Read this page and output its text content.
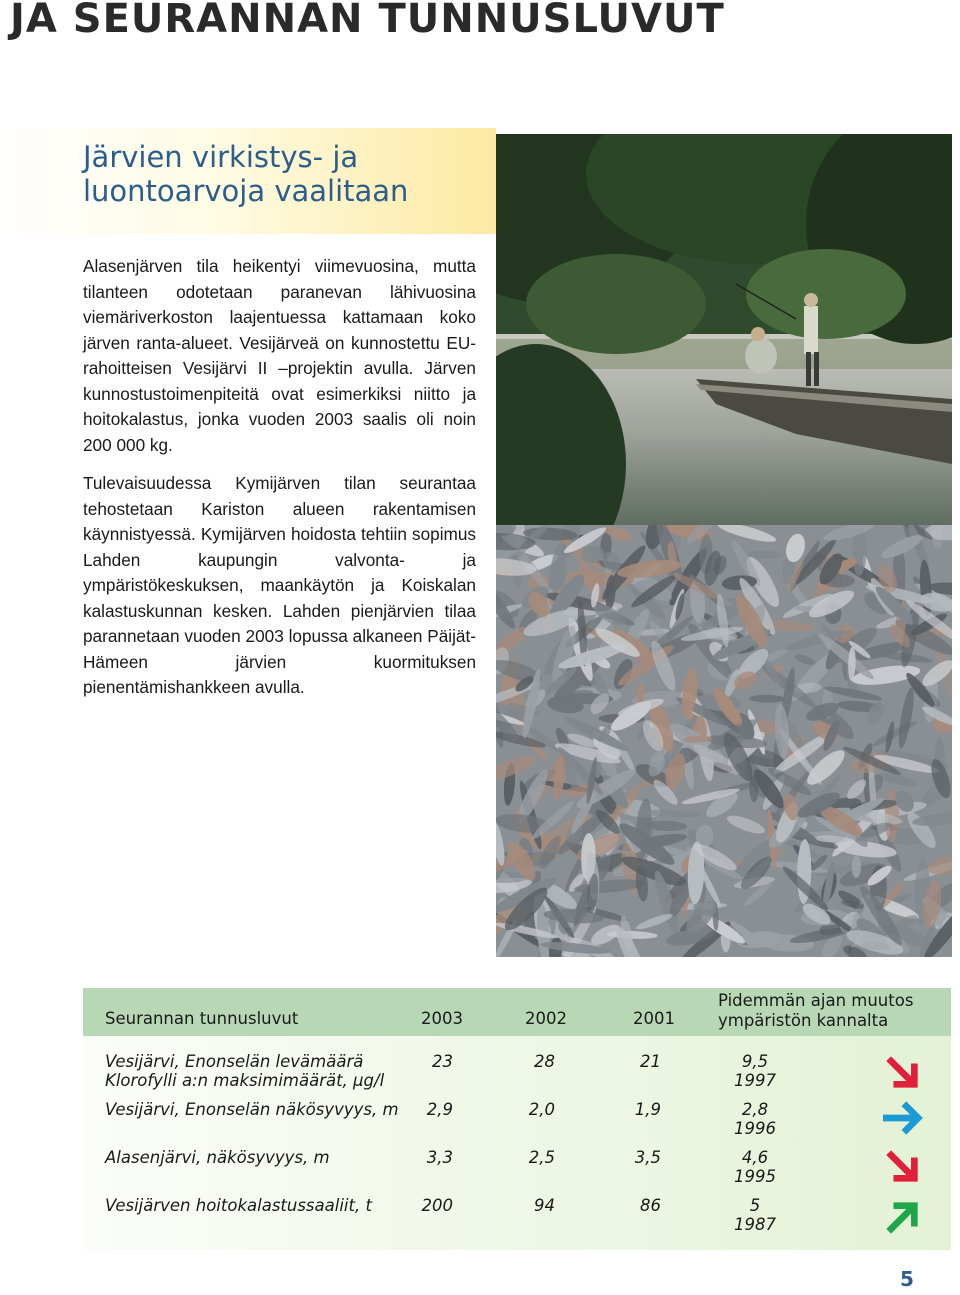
JA SEURANNAN TUNNUSLUVUT
Järvien virkistys- ja
luontoarvoja vaalitaan

Alasenjärven tila heikentyi viimevuosina, mutta tilanteen odotetaan paranevan lähivuosina viemäriverkoston laajentuessa kattamaan koko järven ranta-alueet. Vesijärveä on kunnostettu EU-rahoitteisen Vesijärvi II –projektin avulla. Järven kunnostustoimenpiteitä ovat esimerkiksi niitto ja hoitokalastus, jonka vuoden 2003 saalis oli noin 200 000 kg.

Tulevaisuudessa Kymijärven tilan seurantaa tehostetaan Kariston alueen rakentamisen käynnistyessä. Kymijärven hoidosta tehtiin sopimus Lahden kaupungin valvonta- ja ympäristökeskuksen, maankäytön ja Koiskalan kalastuskunnan kesken. Lahden pienjärvien tilaa parannetaan vuoden 2003 lopussa alkaneen Päijät-Hämeen järvien kuormituksen pienentämishankkeen avulla.

Seurannan tunnusluvut	2003	2002	2001
Pidemmän ajan muutos
ympäristön kannalta
Vesijärvi, Enonselän levämäärä
Klorofylli a:n maksimimäärät, µg/l
23	28	21	9,5
1997
Vesijärvi, Enonselän näkösyvyys, m	2,9	2,0	1,9	2,8
1996
Alasenjärvi, näkösyvyys, m	3,3	2,5	3,5	4,6
1995
Vesijärven hoitokalastussaaliit, t	200	94	86	5
1987

5
